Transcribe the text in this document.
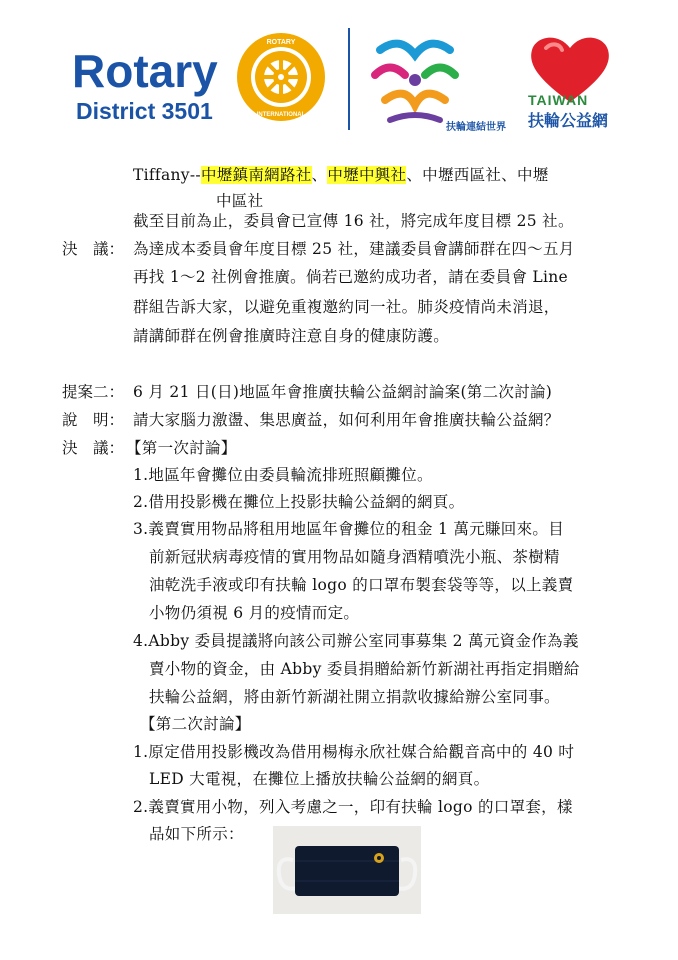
Rotary
District 3501
ROTARY
INTERNATIONAL
扶輪連結世界
TAIWAN
扶輪公益網
Tiffany--中壢鎮南網路社、中壢中興社、中壢西區社、中壢
中區社
截至目前為止，委員會已宣傳 16 社，將完成年度目標 25 社。
決　議： 為達成本委員會年度目標 25 社，建議委員會講師群在四～五月
再找 1～2 社例會推廣。倘若已邀約成功者，請在委員會 Line
群組告訴大家，以避免重複邀約同一社。肺炎疫情尚未消退，
請講師群在例會推廣時注意自身的健康防護。
提案二： 6 月 21 日(日)地區年會推廣扶輪公益網討論案(第二次討論)
說　明： 請大家腦力激盪、集思廣益，如何利用年會推廣扶輪公益網？
決　議： 【第一次討論】
1.地區年會攤位由委員輪流排班照顧攤位。
2.借用投影機在攤位上投影扶輪公益網的網頁。
3.義賣實用物品將租用地區年會攤位的租金 1 萬元賺回來。目
前新冠狀病毒疫情的實用物品如隨身酒精噴洗小瓶、茶樹精
油乾洗手液或印有扶輪 logo 的口罩布製套袋等等，以上義賣
小物仍須視 6 月的疫情而定。
4.Abby 委員提議將向該公司辦公室同事募集 2 萬元資金作為義
賣小物的資金，由 Abby 委員捐贈給新竹新湖社再指定捐贈給
扶輪公益網，將由新竹新湖社開立捐款收據給辦公室同事。
【第二次討論】
1.原定借用投影機改為借用楊梅永欣社媒合給觀音高中的 40 吋
LED 大電視，在攤位上播放扶輪公益網的網頁。
2.義賣實用小物，列入考慮之一，印有扶輪 logo 的口罩套，樣
品如下所示：
